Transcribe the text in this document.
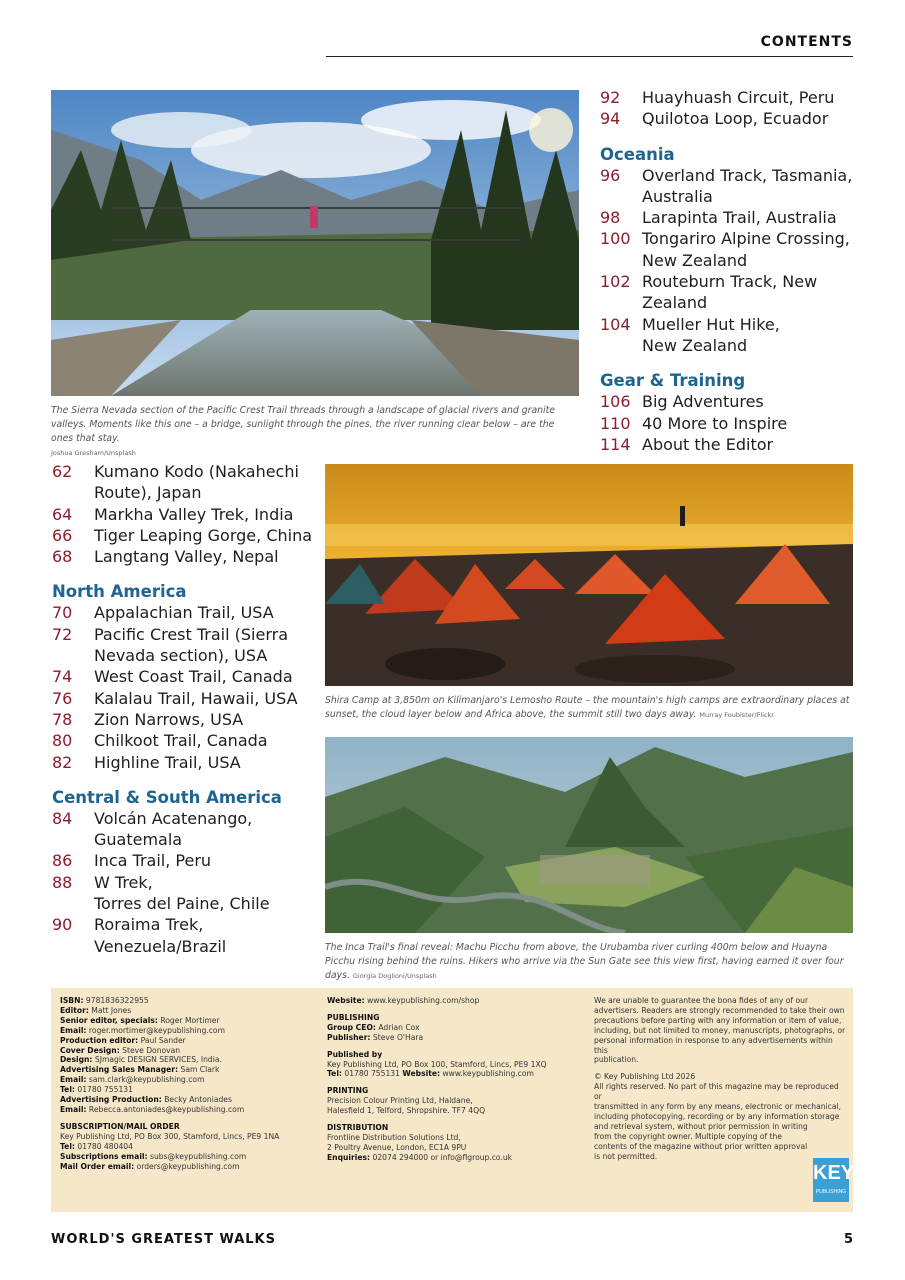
CONTENTS
The Sierra Nevada section of the Pacific Crest Trail threads through a landscape of glacial rivers and granite valleys. Moments like this one – a bridge, sunlight through the pines, the river running clear below – are the ones that stay.
Joshua Gresham/Unsplash
92	Huayhuash Circuit, Peru
94	Quilotoa Loop, Ecuador
Oceania
96	Overland Track, Tasmania,
Australia
98	Larapinta Trail, Australia
100 Tongariro Alpine Crossing,
New Zealand
102 Routeburn Track, New Zealand
104 Mueller Hut Hike,
New Zealand
Gear & Training
106 Big Adventures
110 40 More to Inspire
114 About the Editor
62	Kumano Kodo (Nakahechi
Route), Japan
64	Markha Valley Trek, India
66	Tiger Leaping Gorge, China
68	Langtang Valley, Nepal
North America
70	Appalachian Trail, USA
72	Pacific Crest Trail (Sierra
Nevada section), USA
74	West Coast Trail, Canada
76	Kalalau Trail, Hawaii, USA
78	Zion Narrows, USA
80	Chilkoot Trail, Canada
82	Highline Trail, USA
Central & South America
84	Volcán Acatenango,
Guatemala
86	Inca Trail, Peru
88	W Trek,
Torres del Paine, Chile
90	Roraima Trek,
Venezuela/Brazil
Shira Camp at 3,850m on Kilimanjaro's Lemosho Route – the mountain's high camps are extraordinary places at sunset, the cloud layer below and Africa above, the summit still two days away. Murray Foubister/Flickr
The Inca Trail's final reveal: Machu Picchu from above, the Urubamba river curling 400m below and Huayna Picchu rising behind the ruins. Hikers who arrive via the Sun Gate see this view first, having earned it over four days. Giorgia Doglioni/Unsplash
ISBN: 9781836322955
Editor: Matt Jones
Senior editor, specials: Roger Mortimer
Email: roger.mortimer@keypublishing.com
Production editor: Paul Sander
Cover Design: Steve Donovan
Design: SJmagic DESIGN SERVICES, India.
Advertising Sales Manager: Sam Clark
Email: sam.clark@keypublishing.com
Tel: 01780 755131
Advertising Production: Becky Antoniades
Email: Rebecca.antoniades@keypublishing.com
SUBSCRIPTION/MAIL ORDER
Key Publishing Ltd, PO Box 300, Stamford, Lincs, PE9 1NA
Tel: 01780 480404
Subscriptions email: subs@keypublishing.com
Mail Order email: orders@keypublishing.com
Website: www.keypublishing.com/shop
PUBLISHING
Group CEO: Adrian Cox
Publisher: Steve O'Hara
Published by
Key Publishing Ltd, PO Box 100, Stamford, Lincs, PE9 1XQ
Tel: 01780 755131 Website: www.keypublishing.com
PRINTING
Precision Colour Printing Ltd, Haldane,
Halesfield 1, Telford, Shropshire. TF7 4QQ
DISTRIBUTION
Frontline Distribution Solutions Ltd,
2 Poultry Avenue, London, EC1A 9PU
Enquiries: 02074 294000 or info@flgroup.co.uk
We are unable to guarantee the bona fides of any of our
advertisers. Readers are strongly recommended to take their own
precautions before parting with any information or item of value,
including, but not limited to money, manuscripts, photographs, or
personal information in response to any advertisements within this
publication.
© Key Publishing Ltd 2026
All rights reserved. No part of this magazine may be reproduced or
transmitted in any form by any means, electronic or mechanical,
including photocopying, recording or by any information storage
and retrieval system, without prior permission in writing
from the copyright owner. Multiple copying of the
contents of the magazine without prior written approval
is not permitted.
KEY
PUBLISHING
WORLD'S GREATEST WALKS	5
